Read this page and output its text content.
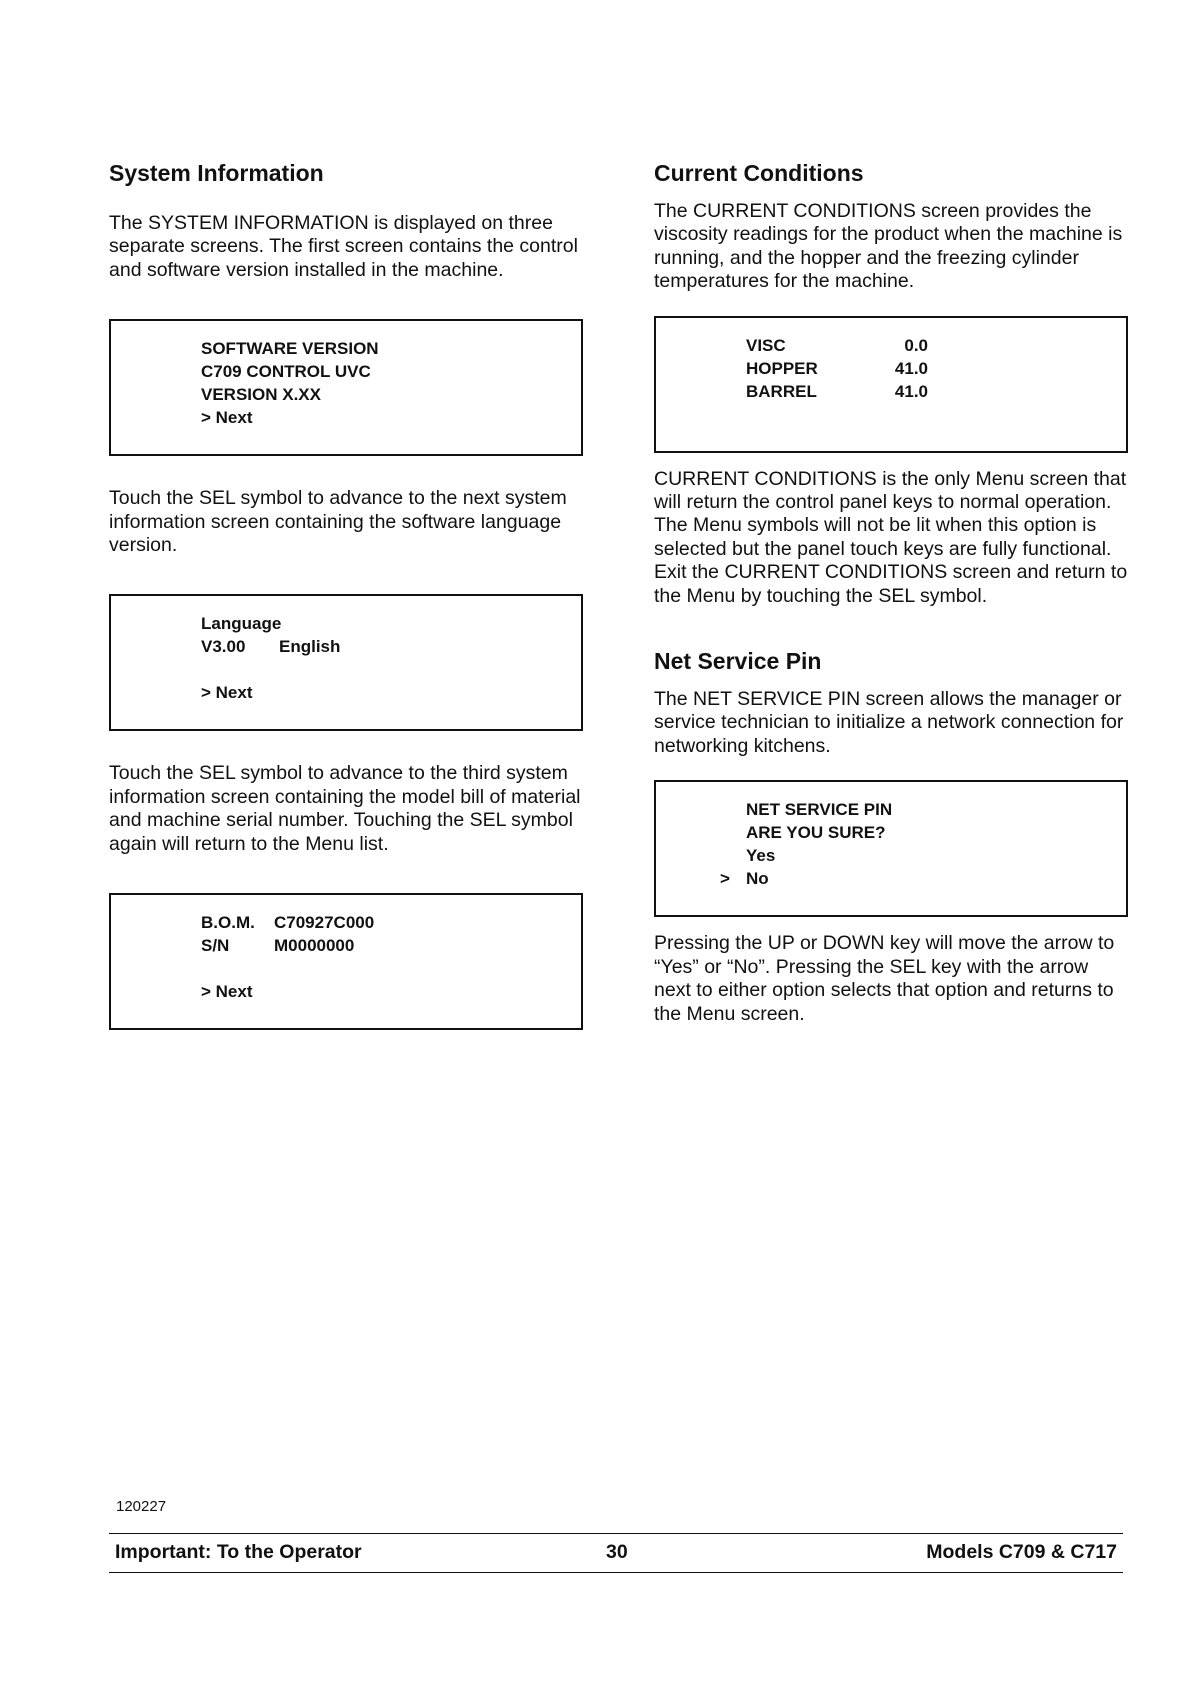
System Information

The SYSTEM INFORMATION is displayed on three separate screens. The first screen contains the control and software version installed in the machine.

SOFTWARE VERSION
C709 CONTROL UVC
VERSION X.XX
> Next

Touch the SEL symbol to advance to the next system information screen containing the software language version.

Language
V3.00	English
> Next

Touch the SEL symbol to advance to the third system information screen containing the model bill of material and machine serial number. Touching the SEL symbol again will return to the Menu list.

B.O.M.	C70927C000
S/N	M0000000
> Next
Current Conditions

The CURRENT CONDITIONS screen provides the viscosity readings for the product when the machine is running, and the hopper and the freezing cylinder temperatures for the machine.

VISC	0.0
HOPPER	41.0
BARREL	41.0

CURRENT CONDITIONS is the only Menu screen that will return the control panel keys to normal operation. The Menu symbols will not be lit when this option is selected but the panel touch keys are fully functional. Exit the CURRENT CONDITIONS screen and return to the Menu by touching the SEL symbol.

Net Service Pin

The NET SERVICE PIN screen allows the manager or service technician to initialize a network connection for networking kitchens.

NET SERVICE PIN
ARE YOU SURE?
Yes
No
>

Pressing the UP or DOWN key will move the arrow to “Yes” or “No”. Pressing the SEL key with the arrow next to either option selects that option and returns to the Menu screen.

120227
Important: To the Operator	30	Models C709 & C717
